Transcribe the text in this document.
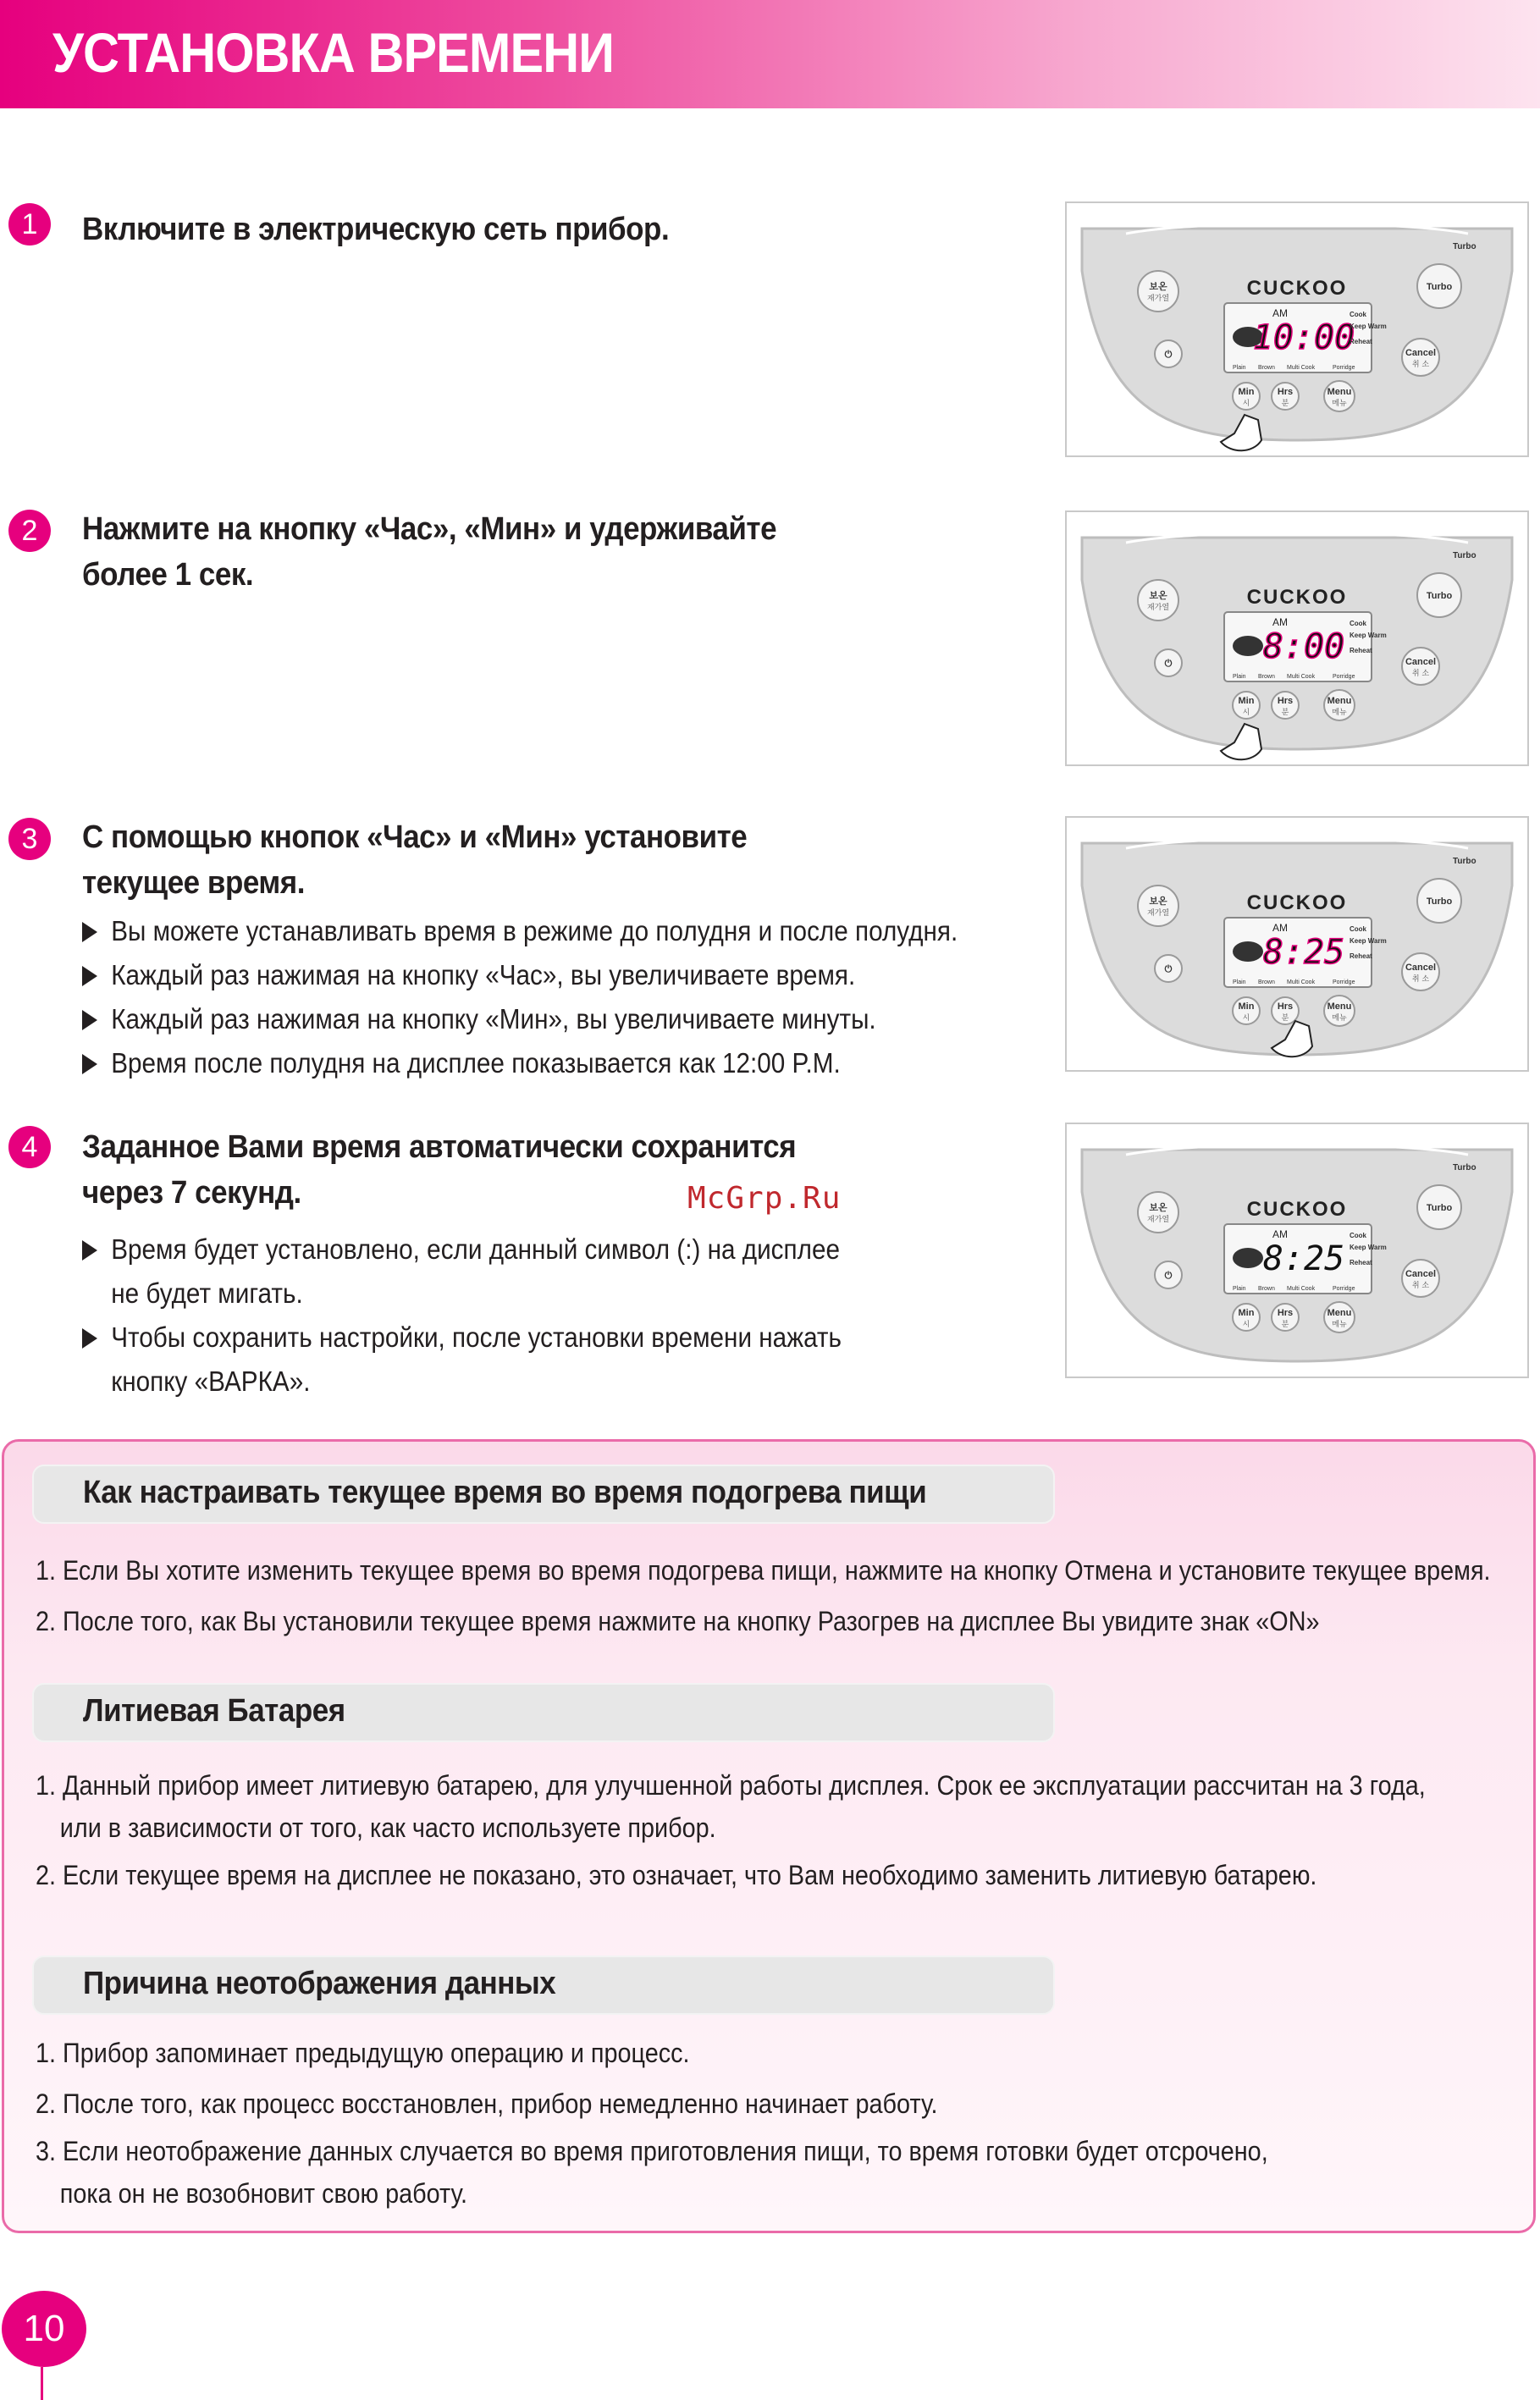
УСТАНОВКА ВРЕМЕНИ
1	Включите в электрическую сеть прибор.
2	Нажмите на кнопку «Час», «Мин» и удерживайте
более 1 сек.
3	С помощью кнопок «Час» и «Мин» установите
текущее время.
Вы можете устанавливать время в режиме до полудня и после полудня.
Каждый раз нажимая на кнопку «Час», вы увеличиваете время.
Каждый раз нажимая на кнопку «Мин», вы увеличиваете минуты.
Время после полудня на дисплее показывается как 12:00 P.M.
4	Заданное Вами время автоматически сохранится
через 7 секунд.	McGrp.Ru
Время будет установлено, если данный символ (:) на дисплее
не будет мигать.
Чтобы сохранить настройки, после установки времени нажать
кнопку «ВАРКА».
CUCKOO
AM
10:00
Cook
Keep Warm
Reheat
Plain Brown Multi Cook	Porridge
보온
재가열
⏻
Turbo
Turbo
Cancel
취 소
Min
시
Hrs
분
Menu
메뉴
CUCKOO
AM
8:00
Cook
Keep Warm
Reheat
Plain Brown Multi Cook	Porridge
보온
재가열
⏻
Turbo
Turbo
Cancel
취 소
Min
시
Hrs
분
Menu
메뉴
CUCKOO
AM
8:25
Cook
Keep Warm
Reheat
Plain Brown Multi Cook	Porridge
보온
재가열
⏻
Turbo
Turbo
Cancel
취 소
Min
시
Hrs
분
Menu
메뉴
CUCKOO
AM
8:25
Cook
Keep Warm
Reheat
Plain Brown Multi Cook	Porridge
보온
재가열
⏻
Turbo
Turbo
Cancel
취 소
Min
시
Hrs
분
Menu
메뉴
Как настраивать текущее время во время подогрева пищи
1. Если Вы хотите изменить текущее время во время подогрева пищи, нажмите на кнопку Отмена и установите текущее время.
2. После того, как Вы установили текущее время нажмите на кнопку Разогрев на дисплее Вы увидите знак «ON»
Литиевая Батарея
1. Данный прибор имеет литиевую батарею, для улучшенной работы дисплея. Срок ее эксплуатации рассчитан на 3 года,
или в зависимости от того, как часто используете прибор.
2. Если текущее время на дисплее не показано, это означает, что Вам необходимо заменить литиевую батарею.
Причина неотображения данных
1. Прибор запоминает предыдущую операцию и процесс.
2. После того, как процесс восстановлен, прибор немедленно начинает работу.
3. Если неотображение данных случается во время приготовления пищи, то время готовки будет отсрочено,
пока он не возобновит свою работу.
10
